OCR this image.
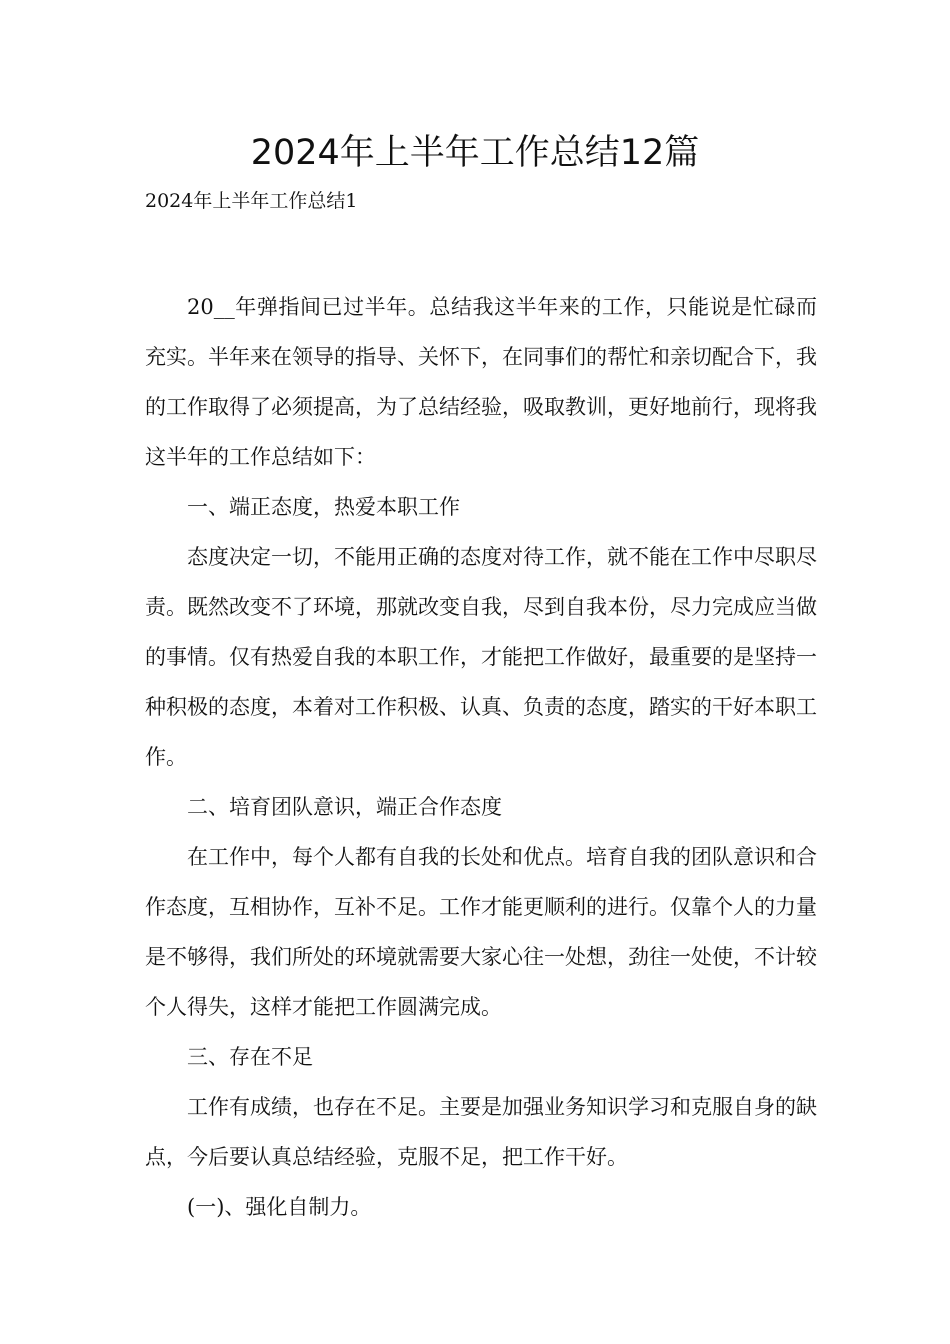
2024年上半年工作总结12篇
2024年上半年工作总结1

20__年弹指间已过半年。总结我这半年来的工作，只能说是忙碌而充实。半年来在领导的指导、关怀下，在同事们的帮忙和亲切配合下，我的工作取得了必须提高，为了总结经验，吸取教训，更好地前行，现将我这半年的工作总结如下：

一、端正态度，热爱本职工作

态度决定一切，不能用正确的态度对待工作，就不能在工作中尽职尽责。既然改变不了环境，那就改变自我，尽到自我本份，尽力完成应当做的事情。仅有热爱自我的本职工作，才能把工作做好，最重要的是坚持一种积极的态度，本着对工作积极、认真、负责的态度，踏实的干好本职工作。

二、培育团队意识，端正合作态度

在工作中，每个人都有自我的长处和优点。培育自我的团队意识和合作态度，互相协作，互补不足。工作才能更顺利的进行。仅靠个人的力量是不够得，我们所处的环境就需要大家心往一处想，劲往一处使，不计较个人得失，这样才能把工作圆满完成。

三、存在不足

工作有成绩，也存在不足。主要是加强业务知识学习和克服自身的缺点，今后要认真总结经验，克服不足，把工作干好。

(一)、强化自制力。
